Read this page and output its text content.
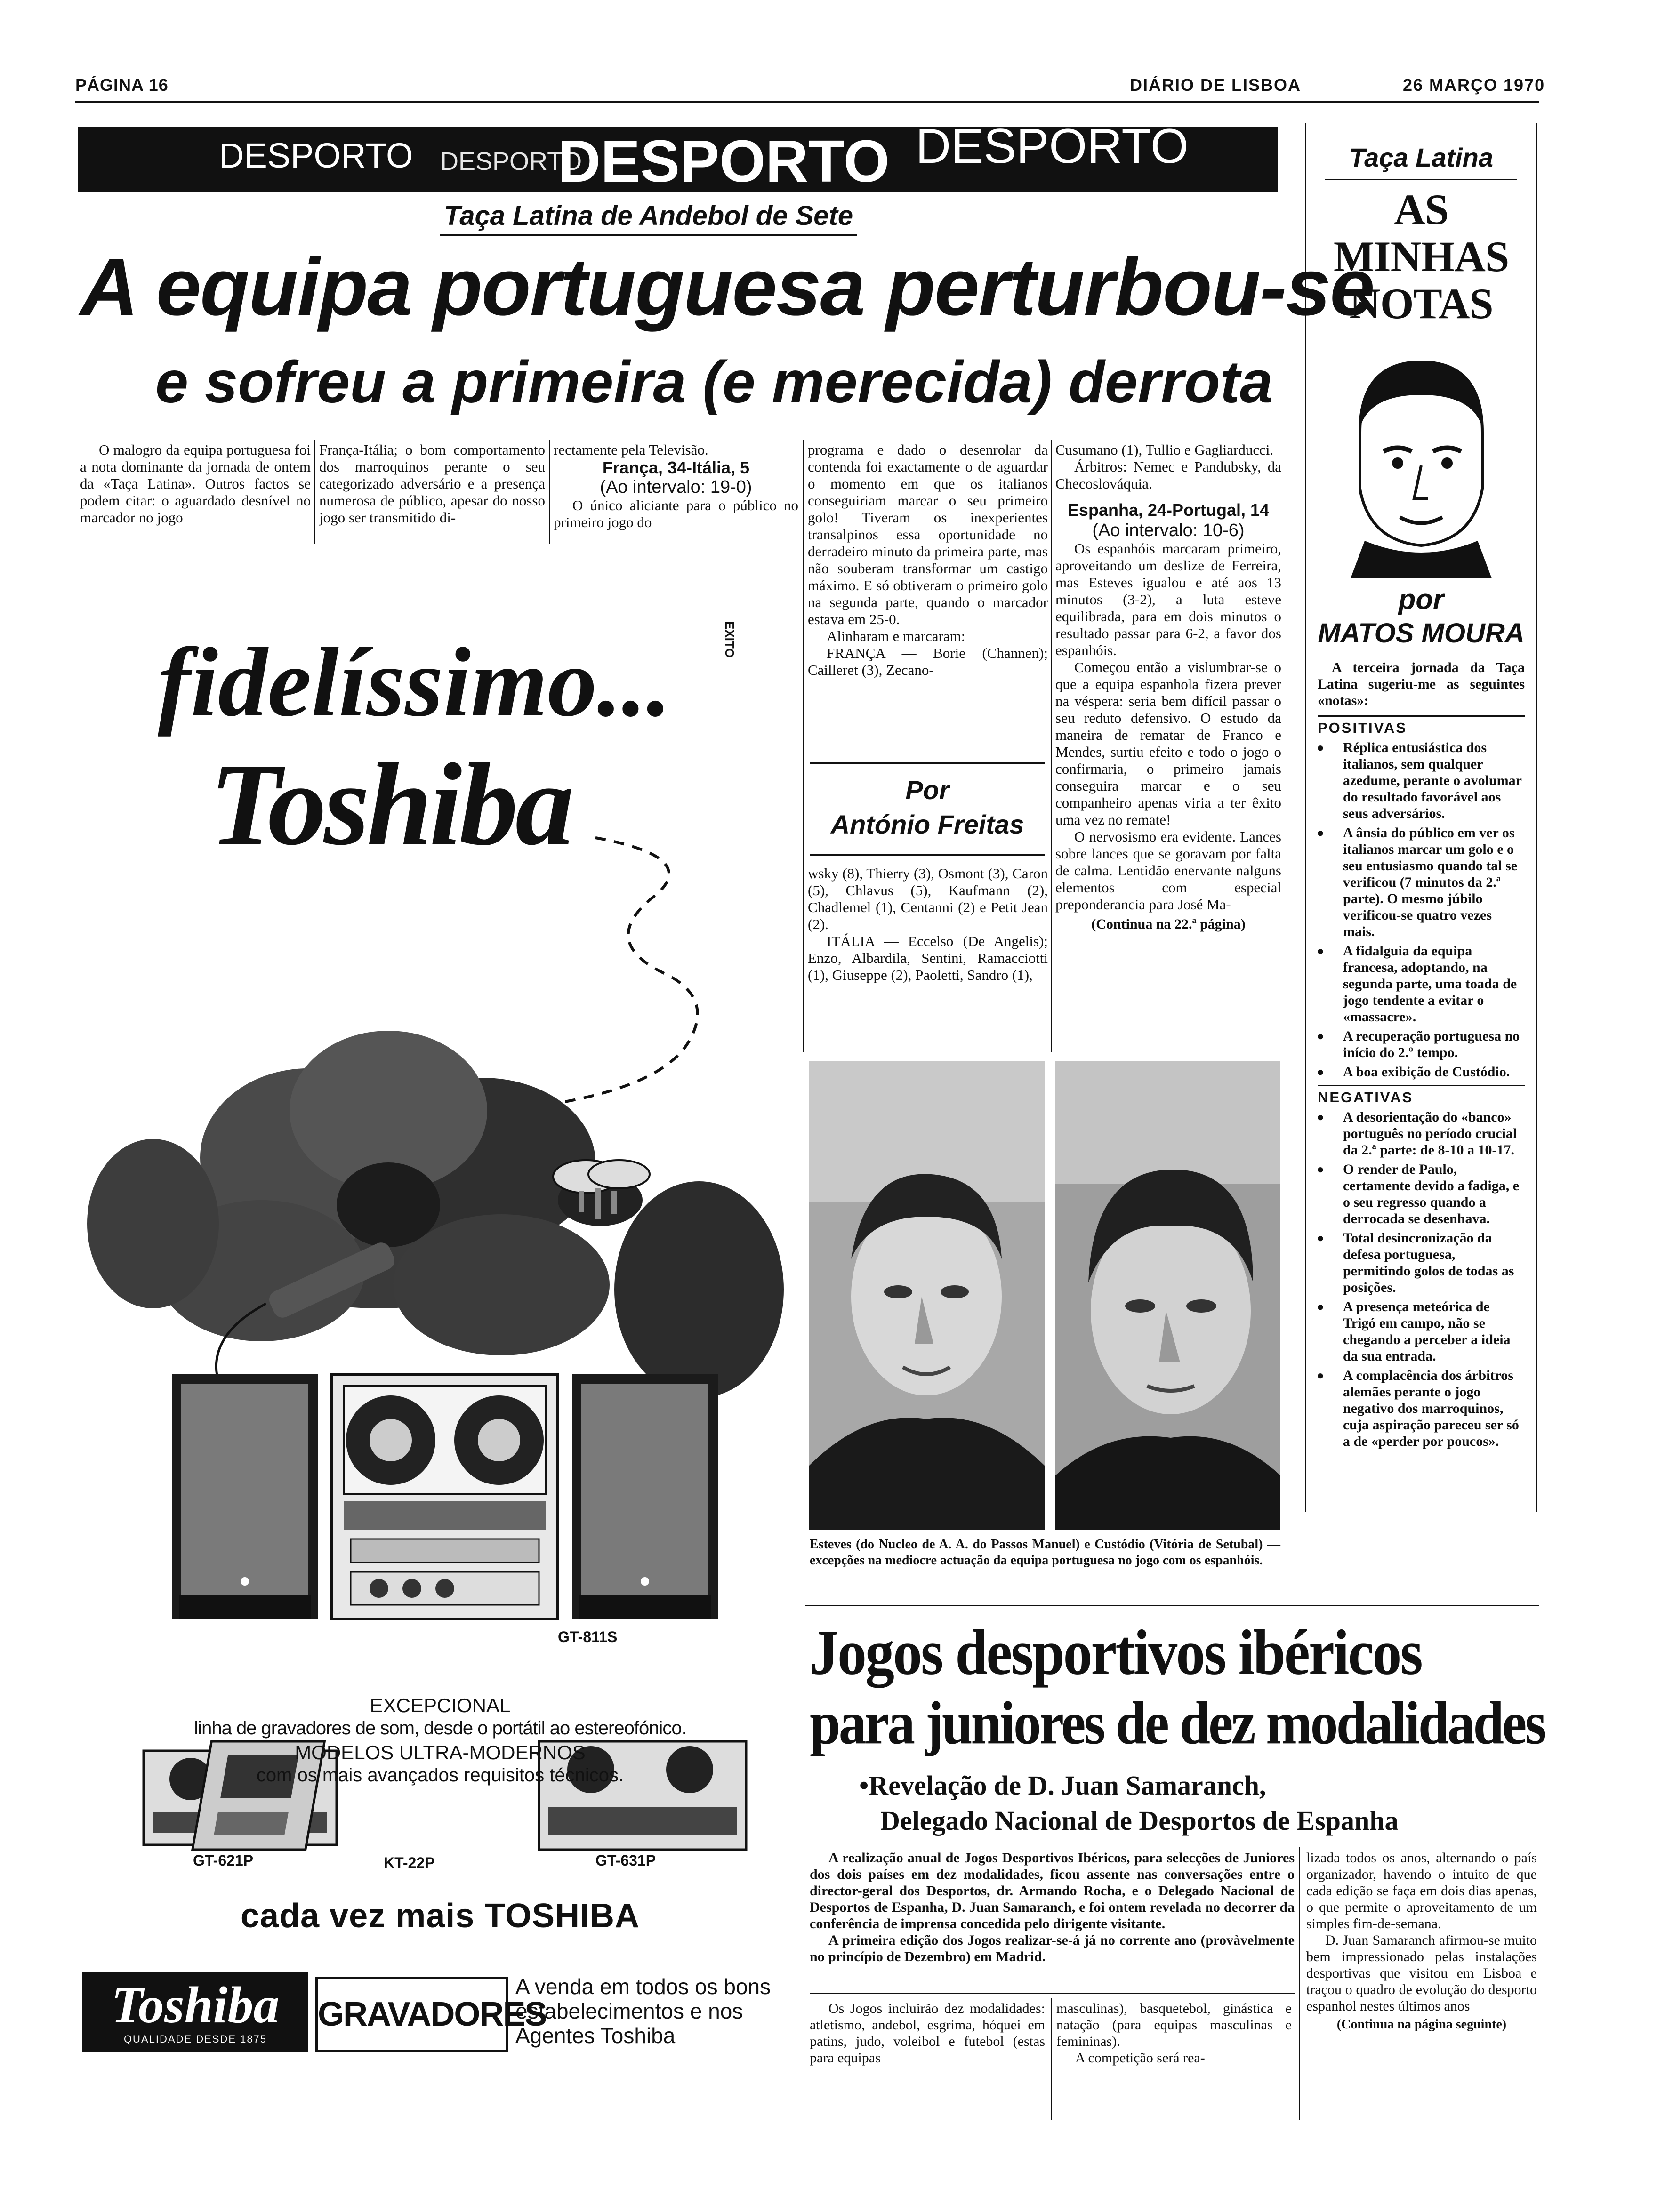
PÁGINA 16	DIÁRIO DE LISBOA	26 MARÇO 1970
DESPORTO DESPORTO
DESPORTO DESPORTO
Taça Latina de Andebol de Sete
A equipa portuguesa perturbou-se
e sofreu a primeira (e merecida) derrota

O malogro da equipa portuguesa foi a nota dominante da jornada de ontem da «Taça Latina». Outros factos se podem citar: o aguardado desnível no marcador no jogo

França-Itália; o bom comportamento dos marroquinos perante o seu categorizado adversário e a presença numerosa de público, apesar do nosso jogo ser transmitido di-

rectamente pela Televisão.

França, 34-Itália, 5
(Ao intervalo: 19-0)

O único aliciante para o público no primeiro jogo do

programa e dado o desenrolar da contenda foi exactamente o de aguardar o momento em que os italianos conseguiriam marcar o seu primeiro golo! Tiveram os inexperientes transalpinos essa oportunidade no derradeiro minuto da primeira parte, mas não souberam transformar um castigo máximo. E só obtiveram o primeiro golo na segunda parte, quando o marcador estava em 25-0.

Alinharam e marcaram:

FRANÇA — Borie (Channen); Cailleret (3), Zecano-

Por
António Freitas

wsky (8), Thierry (3), Osmont (3), Caron (5), Chlavus (5), Kaufmann (2), Chadlemel (1), Centanni (2) e Petit Jean (2).

ITÁLIA — Eccelso (De Angelis); Enzo, Albardila, Sentini, Ramacciotti (1), Giuseppe (2), Paoletti, Sandro (1),

Cusumano (1), Tullio e Gagliarducci.

Árbitros: Nemec e Pandubsky, da Checoslováquia.

Espanha, 24-Portugal, 14
(Ao intervalo: 10-6)

Os espanhóis marcaram primeiro, aproveitando um deslize de Ferreira, mas Esteves igualou e até aos 13 minutos (3-2), a luta esteve equilibrada, para em dois minutos o resultado passar para 6-2, a favor dos espanhóis.

Começou então a vislumbrar-se o que a equipa espanhola fizera prever na véspera: seria bem difícil passar o seu reduto defensivo. O estudo da maneira de rematar de Franco e Mendes, surtiu efeito e todo o jogo o confirmaria, o primeiro jamais conseguira marcar e o seu companheiro apenas viria a ter êxito uma vez no remate!

O nervosismo era evidente. Lances sobre lances que se goravam por falta de calma. Lentidão enervante nalguns elementos com especial preponderancia para José Ma-

(Continua na 22.ª página)
Esteves (do Nucleo de A. A. do Passos Manuel) e Custódio (Vitória de Setubal) — excepções na mediocre actuação da equipa portuguesa no jogo com os espanhóis.
Taça Latina
AS MINHAS
NOTAS
por
MATOS MOURA
A terceira jornada da Taça Latina sugeriu-me as seguintes «notas»:
POSITIVAS
● Réplica entusiástica dos italianos, sem qualquer azedume, perante o avolumar do resultado favorável aos seus adversários.
● A ânsia do público em ver os italianos marcar um golo e o seu entusiasmo quando tal se verificou (7 minutos da 2.ª parte). O mesmo júbilo verificou-se quatro vezes mais.
● A fidalguia da equipa francesa, adoptando, na segunda parte, uma toada de jogo tendente a evitar o «massacre».
● A recuperação portuguesa no início do 2.º tempo.
● A boa exibição de Custódio.
NEGATIVAS
● A desorientação do «banco» português no período crucial da 2.ª parte: de 8-10 a 10-17.
● O render de Paulo, certamente devido a fadiga, e o seu regresso quando a derrocada se desenhava.
● Total desincronização da defesa portuguesa, permitindo golos de todas as posições.
● A presença meteórica de Trigó em campo, não se chegando a perceber a ideia da sua entrada.
● A complacência dos árbitros alemães perante o jogo negativo dos marroquinos, cuja aspiração pareceu ser só a de «perder por poucos».
fidelíssimo...	EXITO
Toshiba
GT-811S
EXCEPCIONAL
linha de gravadores de som, desde o portátil ao estereofónico.
MODELOS ULTRA-MODERNOS
com os mais avançados requisitos técnicos.
GT-621P	KT-22P	GT-631P
cada vez mais TOSHIBA
Toshiba
QUALIDADE DESDE 1875
GRAVADORES
A venda em todos os bons estabelecimentos e nos Agentes Toshiba
Jogos desportivos ibéricos
para juniores de dez modalidades
•Revelação de D. Juan Samaranch,
Delegado Nacional de Desportos de Espanha

A realização anual de Jogos Desportivos Ibéricos, para selecções de Juniores dos dois países em dez modalidades, ficou assente nas conversações entre o director-geral dos Desportos, dr. Armando Rocha, e o Delegado Nacional de Desportos de Espanha, D. Juan Samaranch, e foi ontem revelada no decorrer da conferência de imprensa concedida pelo dirigente visitante.

A primeira edição dos Jogos realizar-se-á já no corrente ano (provàvelmente no princípio de Dezembro) em Madrid.

Os Jogos incluirão dez modalidades: atletismo, andebol, esgrima, hóquei em patins, judo, voleibol e futebol (estas para equipas

masculinas), basquetebol, ginástica e natação (para equipas masculinas e femininas).

A competição será rea-

lizada todos os anos, alternando o país organizador, havendo o intuito de que cada edição se faça em dois dias apenas, o que permite o aproveitamento de um simples fim-de-semana.

D. Juan Samaranch afirmou-se muito bem impressionado pelas instalações desportivas que visitou em Lisboa e traçou o quadro de evolução do desporto espanhol nestes últimos anos

(Continua na página seguinte)
